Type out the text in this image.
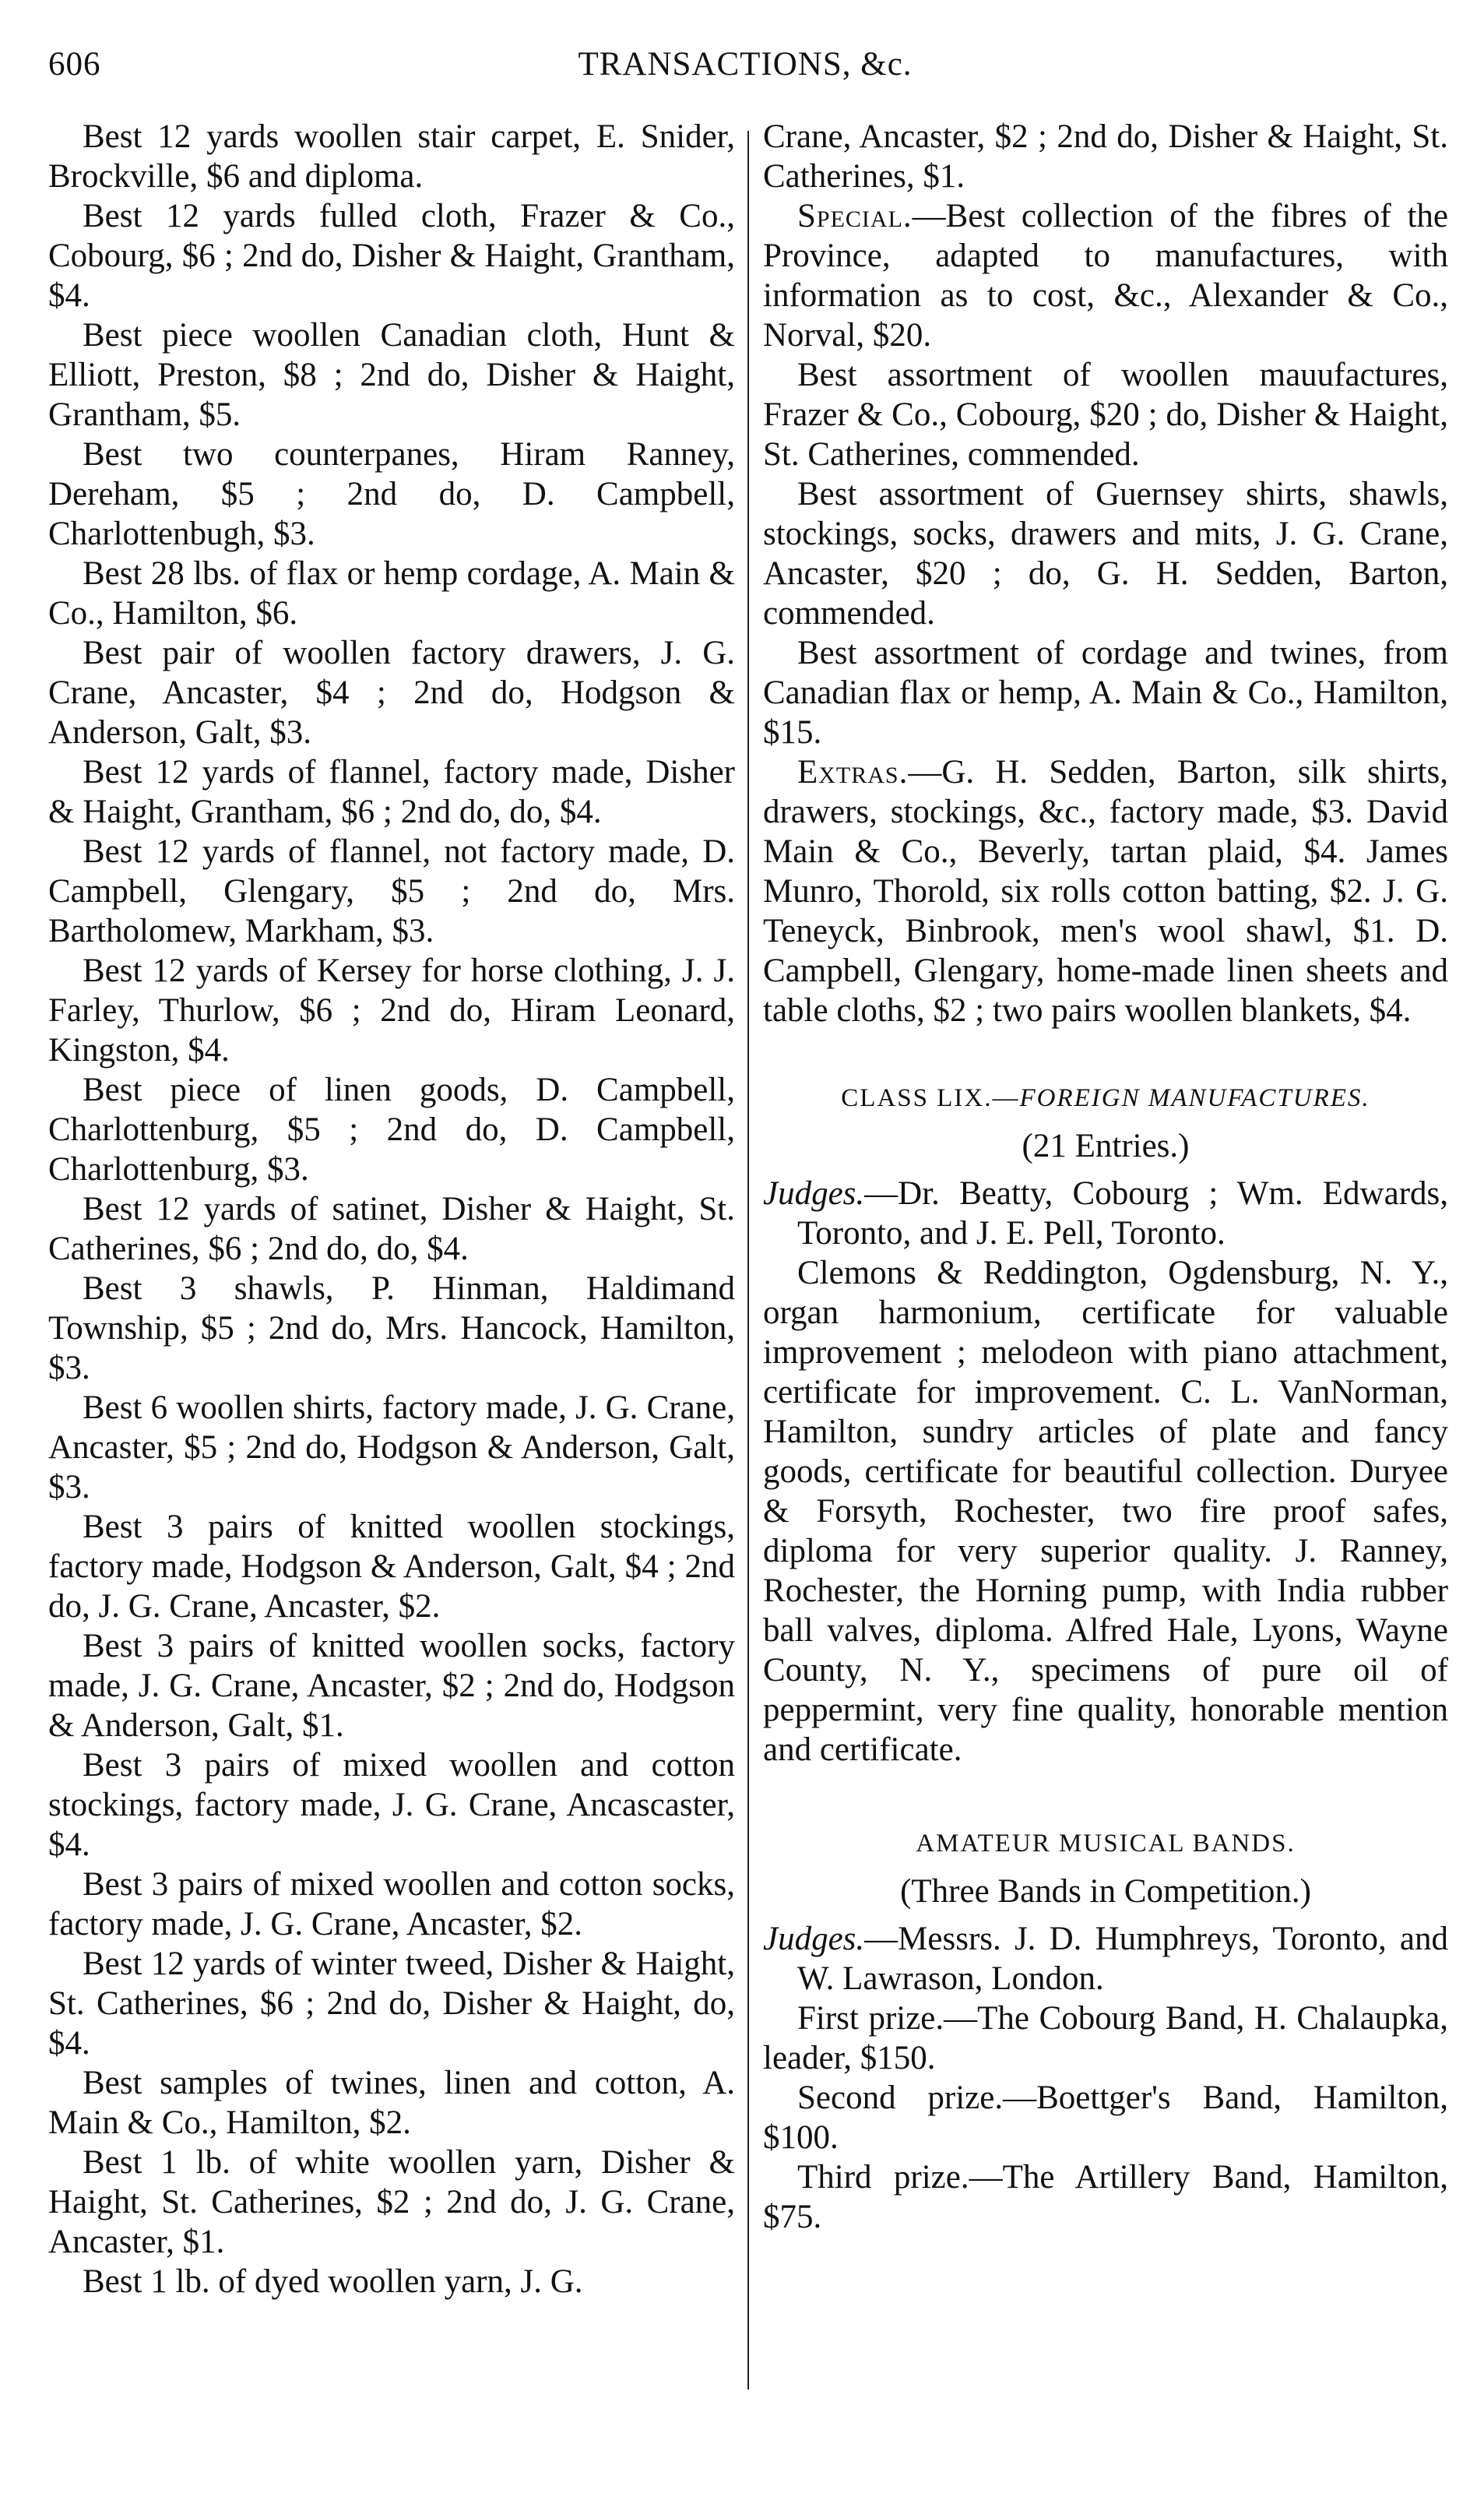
606	TRANSACTIONS, &c.

Best 12 yards woollen stair carpet, E. Snider, Brockville, $6 and diploma.

Best 12 yards fulled cloth, Frazer & Co., Cobourg, $6 ; 2nd do, Disher & Haight, Grantham, $4.

Best piece woollen Canadian cloth, Hunt & Elliott, Preston, $8 ; 2nd do, Disher & Haight, Grantham, $5.

Best two counterpanes, Hiram Ranney, Dereham, $5 ; 2nd do, D. Campbell, Charlottenbugh, $3.

Best 28 lbs. of flax or hemp cordage, A. Main & Co., Hamilton, $6.

Best pair of woollen factory drawers, J. G. Crane, Ancaster, $4 ; 2nd do, Hodgson & Anderson, Galt, $3.

Best 12 yards of flannel, factory made, Disher & Haight, Grantham, $6 ; 2nd do, do, $4.

Best 12 yards of flannel, not factory made, D. Campbell, Glengary, $5 ; 2nd do, Mrs. Bartholomew, Markham, $3.

Best 12 yards of Kersey for horse clothing, J. J. Farley, Thurlow, $6 ; 2nd do, Hiram Leonard, Kingston, $4.

Best piece of linen goods, D. Campbell, Charlottenburg, $5 ; 2nd do, D. Campbell, Charlottenburg, $3.

Best 12 yards of satinet, Disher & Haight, St. Catherines, $6 ; 2nd do, do, $4.

Best 3 shawls, P. Hinman, Haldimand Township, $5 ; 2nd do, Mrs. Hancock, Hamilton, $3.

Best 6 woollen shirts, factory made, J. G. Crane, Ancaster, $5 ; 2nd do, Hodgson & Anderson, Galt, $3.

Best 3 pairs of knitted woollen stockings, factory made, Hodgson & Anderson, Galt, $4 ; 2nd do, J. G. Crane, Ancaster, $2.

Best 3 pairs of knitted woollen socks, factory made, J. G. Crane, Ancaster, $2 ; 2nd do, Hodgson & Anderson, Galt, $1.

Best 3 pairs of mixed woollen and cotton stockings, factory made, J. G. Crane, Ancascaster, $4.

Best 3 pairs of mixed woollen and cotton socks, factory made, J. G. Crane, Ancaster, $2.

Best 12 yards of winter tweed, Disher & Haight, St. Catherines, $6 ; 2nd do, Disher & Haight, do, $4.

Best samples of twines, linen and cotton, A. Main & Co., Hamilton, $2.

Best 1 lb. of white woollen yarn, Disher & Haight, St. Catherines, $2 ; 2nd do, J. G. Crane, Ancaster, $1.

Best 1 lb. of dyed woollen yarn, J. G.

Crane, Ancaster, $2 ; 2nd do, Disher & Haight, St. Catherines, $1.

Special.—Best collection of the fibres of the Province, adapted to manufactures, with information as to cost, &c., Alexander & Co., Norval, $20.

Best assortment of woollen mauufactures, Frazer & Co., Cobourg, $20 ; do, Disher & Haight, St. Catherines, commended.

Best assortment of Guernsey shirts, shawls, stockings, socks, drawers and mits, J. G. Crane, Ancaster, $20 ; do, G. H. Sedden, Barton, commended.

Best assortment of cordage and twines, from Canadian flax or hemp, A. Main & Co., Hamilton, $15.

Extras.—G. H. Sedden, Barton, silk shirts, drawers, stockings, &c., factory made, $3. David Main & Co., Beverly, tartan plaid, $4. James Munro, Thorold, six rolls cotton batting, $2. J. G. Teneyck, Binbrook, men's wool shawl, $1. D. Campbell, Glengary, home-made linen sheets and table cloths, $2 ; two pairs woollen blankets, $4.

CLASS LIX.—FOREIGN MANUFACTURES.
(21 Entries.)

Judges.—Dr. Beatty, Cobourg ; Wm. Edwards, Toronto, and J. E. Pell, Toronto.

Clemons & Reddington, Ogdensburg, N. Y., organ harmonium, certificate for valuable improvement ; melodeon with piano attachment, certificate for improvement. C. L. VanNorman, Hamilton, sundry articles of plate and fancy goods, certificate for beautiful collection. Duryee & Forsyth, Rochester, two fire proof safes, diploma for very superior quality. J. Ranney, Rochester, the Horning pump, with India rubber ball valves, diploma. Alfred Hale, Lyons, Wayne County, N. Y., specimens of pure oil of peppermint, very fine quality, honorable mention and certificate.

AMATEUR MUSICAL BANDS.
(Three Bands in Competition.)

Judges.—Messrs. J. D. Humphreys, Toronto, and W. Lawrason, London.

First prize.—The Cobourg Band, H. Chalaupka, leader, $150.

Second prize.—Boettger's Band, Hamilton, $100.

Third prize.—The Artillery Band, Hamilton, $75.
